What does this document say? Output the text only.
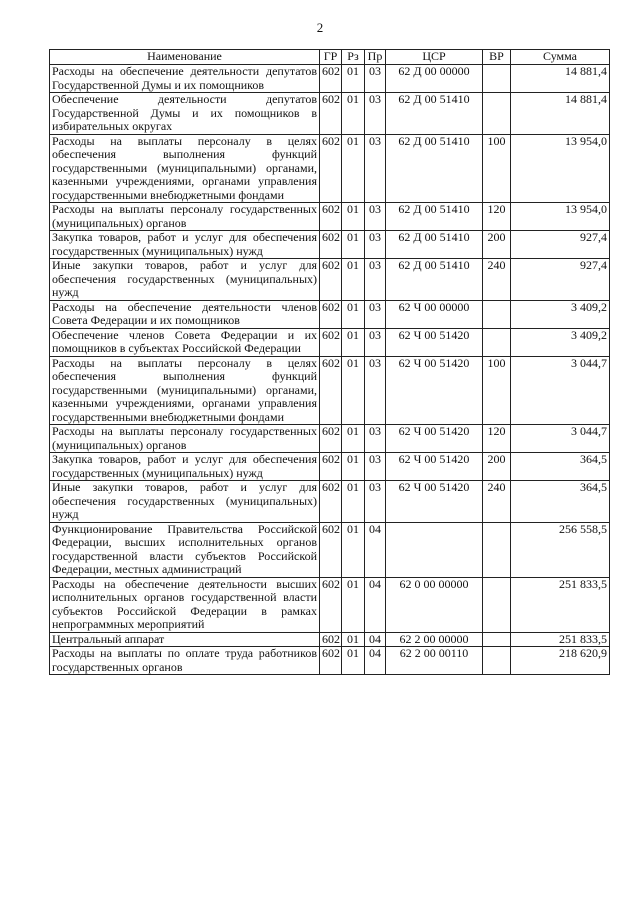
2
Наименование	ГР	Рз	Пр	ЦСР	ВР	Сумма
Расходы на обеспечение деятельности депутатов Государственной Думы и их помощников	602	01	03	62 Д 00 00000		14 881,4
Обеспечение деятельности депутатов Государственной Думы и их помощников в избирательных округах	602	01	03	62 Д 00 51410		14 881,4
Расходы на выплаты персоналу в целях обеспечения выполнения функций государственными (муниципальными) органами, казенными учреждениями, органами управления государственными внебюджетными фондами	602	01	03	62 Д 00 51410	100	13 954,0
Расходы на выплаты персоналу государственных (муниципальных) органов	602	01	03	62 Д 00 51410	120	13 954,0
Закупка товаров, работ и услуг для обеспечения государственных (муниципальных) нужд	602	01	03	62 Д 00 51410	200	927,4
Иные закупки товаров, работ и услуг для обеспечения государственных (муниципальных) нужд	602	01	03	62 Д 00 51410	240	927,4
Расходы на обеспечение деятельности членов Совета Федерации и их помощников	602	01	03	62 Ч 00 00000		3 409,2
Обеспечение членов Совета Федерации и их помощников в субъектах Российской Федерации	602	01	03	62 Ч 00 51420		3 409,2
Расходы на выплаты персоналу в целях обеспечения выполнения функций государственными (муниципальными) органами, казенными учреждениями, органами управления государственными внебюджетными фондами	602	01	03	62 Ч 00 51420	100	3 044,7
Расходы на выплаты персоналу государственных (муниципальных) органов	602	01	03	62 Ч 00 51420	120	3 044,7
Закупка товаров, работ и услуг для обеспечения государственных (муниципальных) нужд	602	01	03	62 Ч 00 51420	200	364,5
Иные закупки товаров, работ и услуг для обеспечения государственных (муниципальных) нужд	602	01	03	62 Ч 00 51420	240	364,5
Функционирование Правительства Российской Федерации, высших исполнительных органов государственной власти субъектов Российской Федерации, местных администраций	602	01	04			256 558,5
Расходы на обеспечение деятельности высших исполнительных органов государственной власти субъектов Российской Федерации в рамках непрограммных мероприятий	602	01	04	62 0 00 00000		251 833,5
Центральный аппарат	602	01	04	62 2 00 00000		251 833,5
Расходы на выплаты по оплате труда работников государственных органов	602	01	04	62 2 00 00110		218 620,9
